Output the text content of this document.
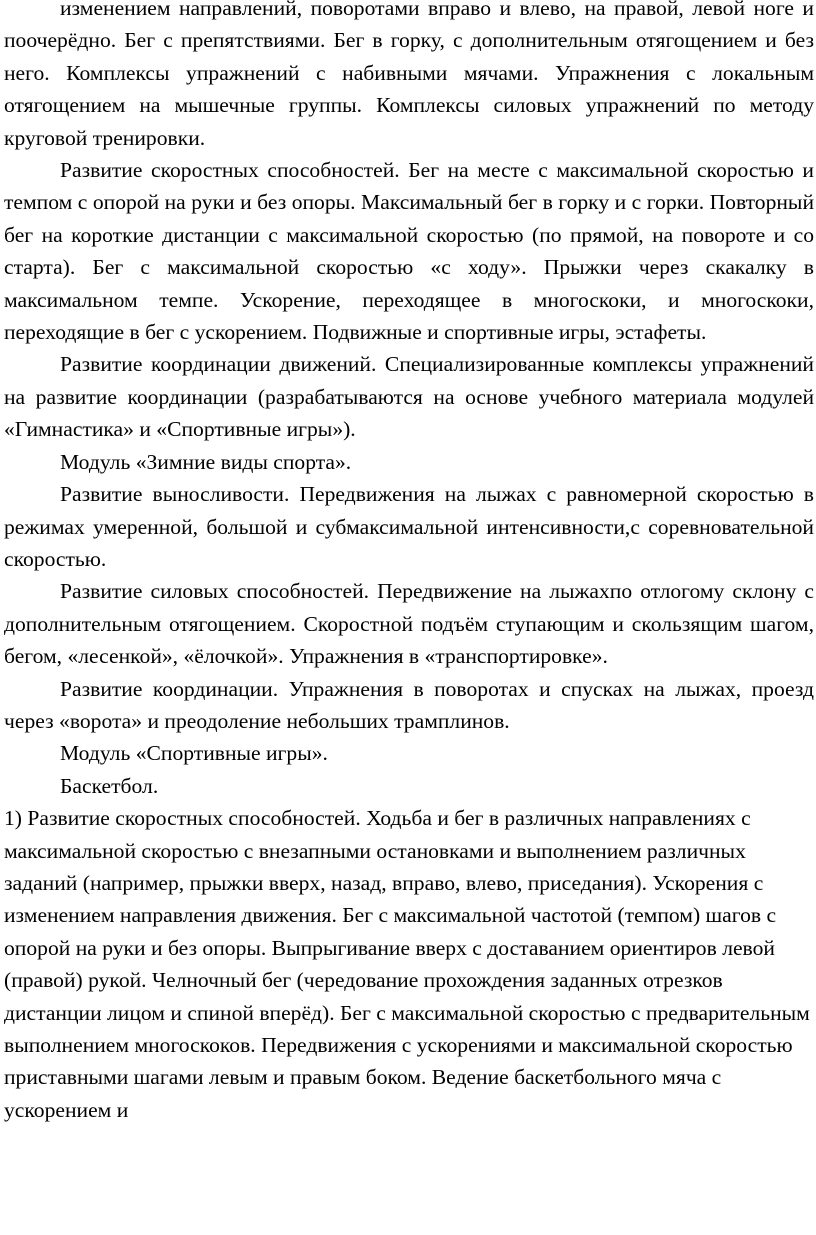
изменением направлений, поворотами вправо и влево, на правой, левой ноге и поочерёдно. Бег с препятствиями. Бег в горку, с дополнительным отягощением и без него. Комплексы упражнений с набивными мячами. Упражнения с локальным отягощением на мышечные группы. Комплексы силовых упражнений по методу круговой тренировки.

Развитие скоростных способностей. Бег на месте с максимальной скоростью и темпом с опорой на руки и без опоры. Максимальный бег в горку и с горки. Повторный бег на короткие дистанции с максимальной скоростью (по прямой, на повороте и со старта). Бег с максимальной скоростью «с ходу». Прыжки через скакалку в максимальном темпе. Ускорение, переходящее в многоскоки, и многоскоки, переходящие в бег с ускорением. Подвижные и спортивные игры, эстафеты.

Развитие координации движений. Специализированные комплексы упражнений на развитие координации (разрабатываются на основе учебного материала модулей «Гимнастика» и «Спортивные игры»).

Модуль «Зимние виды спорта».

Развитие выносливости. Передвижения на лыжах с равномерной скоростью в режимах умеренной, большой и субмаксимальной интенсивности,с соревновательной скоростью.

Развитие силовых способностей. Передвижение на лыжахпо отлогому склону с дополнительным отягощением. Скоростной подъём ступающим и скользящим шагом, бегом, «лесенкой», «ёлочкой». Упражнения в «транспортировке».

Развитие координации. Упражнения в поворотах и спусках на лыжах, проезд через «ворота» и преодоление небольших трамплинов.

Модуль «Спортивные игры».

Баскетбол.

1) Развитие скоростных способностей. Ходьба и бег в различных направлениях с максимальной скоростью с внезапными остановками и выполнением различных заданий (например, прыжки вверх, назад, вправо, влево, приседания). Ускорения с изменением направления движения. Бег с максимальной частотой (темпом) шагов с опорой на руки и без опоры. Выпрыгивание вверх с доставанием ориентиров левой (правой) рукой. Челночный бег (чередование прохождения заданных отрезков дистанции лицом и спиной вперёд). Бег с максимальной скоростью с предварительным выполнением многоскоков. Передвижения с ускорениями и максимальной скоростью приставными шагами левым и правым боком. Ведение баскетбольного мяча с ускорением и
